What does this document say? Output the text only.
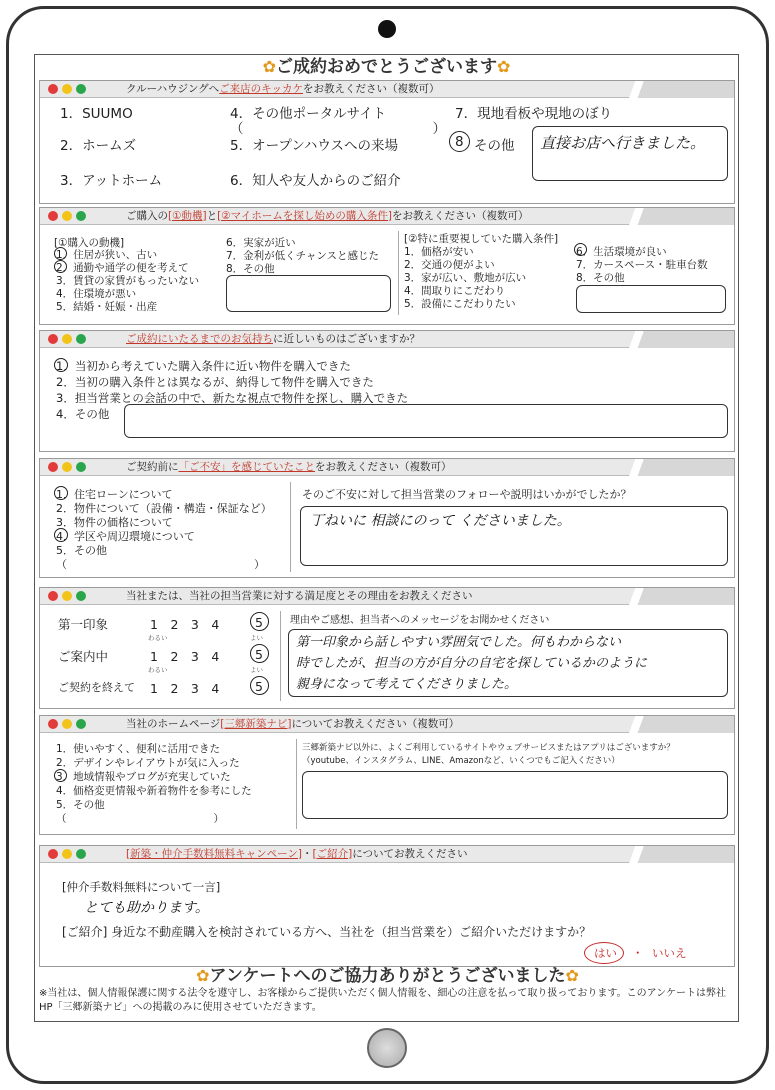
✿ご成約おめでとうございます✿
クルーハウジングへご来店のキッカケをお教えください（複数可）
1．SUUMO
2．ホームズ
3．アットホーム
4．その他ポータルサイト
（　　　　　　　　　　　　　　）
5．オープンハウスへの来場
6．知人や友人からのご紹介
7．現地看板や現地のぼり
8 その他 直接お店へ行きました。
ご購入の[①動機]と[②マイホームを探し始めの購入条件]をお教えください（複数可）
[①購入の動機]
1．住居が狭い、古い
2．通勤や通学の便を考えて
3．賃貸の家賃がもったいない
4．住環境が悪い
5．結婚・妊娠・出産
6．実家が近い
7．金利が低くチャンスと感じた
8．その他
[②特に重要視していた購入条件]
1．価格が安い
2．交通の便がよい
3．家が広い、敷地が広い
4．間取りにこだわり
5．設備にこだわりたい
6．生活環境が良い
7．カースペース・駐車台数
8．その他
ご成約にいたるまでのお気持ちに近しいものはございますか？
1．当初から考えていた購入条件に近い物件を購入できた
2．当初の購入条件とは異なるが、納得して物件を購入できた
3．担当営業との会話の中で、新たな視点で物件を探し、購入できた
4．その他
ご契約前に「ご不安」を感じていたことをお教えください（複数可）
1．住宅ローンについて
2．物件について（設備・構造・保証など）
3．物件の価格について
4．学区や周辺環境について
5．その他
（　　　　　　　　　　　　　　　　　）
そのご不安に対して担当営業のフォローや説明はいかがでしたか？
丁ねいに 相談にのって くださいました。
当社または、当社の担当営業に対する満足度とその理由をお教えください
第一印象	1　2　3　4	5
わるい	よい
ご案内中	1　2　3　4	5
わるい	よい
ご契約を終えて 1　2　3　4	5
理由やご感想、担当者へのメッセージをお聞かせください
第一印象から話しやすい雰囲気でした。何もわからない
時でしたが、担当の方が自分の自宅を探しているかのように
親身になって考えてくださりました。
当社のホームページ[三郷新築ナビ]についてお教えください（複数可）
1．使いやすく、便利に活用できた
2．デザインやレイアウトが気に入った
3．地域情報やブログが充実していた
4．価格変更情報や新着物件を参考にした
5．その他
（　　　　　　　　　　　　　　）
三郷新築ナビ以外に、よくご利用しているサイトやウェブサービスまたはアプリはございますか？
（youtube、インスタグラム、LINE、Amazonなど、いくつでもご記入ください）
[新築・仲介手数料無料キャンペーン]・[ご紹介]についてお教えください
[仲介手数料無料について一言]
とても助かります。
[ご紹介] 身近な不動産購入を検討されている方へ、当社を（担当営業を）ご紹介いただけますか？
はい ・ いいえ
✿アンケートへのご協力ありがとうございました✿
※当社は、個人情報保護に関する法令を遵守し、お客様からご提供いただく個人情報を、細心の注意を払って取り扱っております。このアンケートは弊社HP「三郷新築ナビ」への掲載のみに使用させていただきます。
